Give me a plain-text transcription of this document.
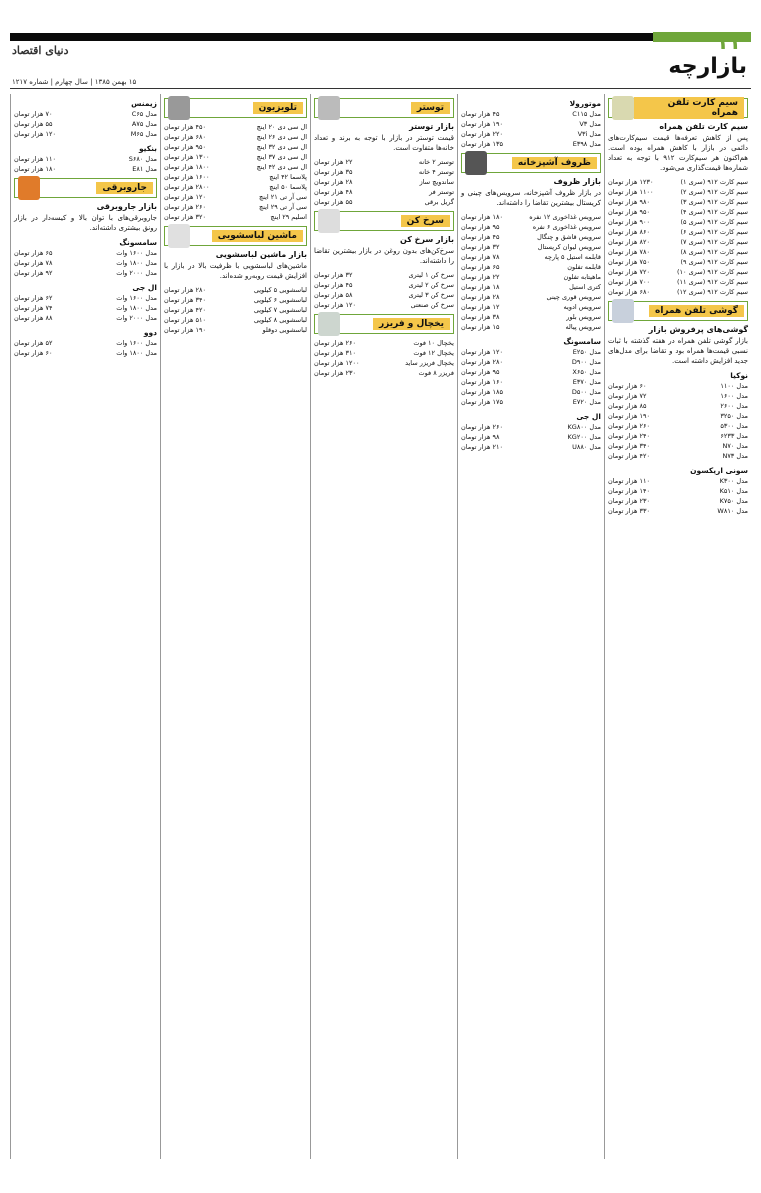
۲۴
دنیای اقتصاد
بازارچه
۱۵ بهمن ۱۳۸۵ | سال چهارم | شماره ۱۲۱۷
سیم کارت تلفن همراه
سیم کارت تلفن همراه
پس از کاهش تعرفه‌ها قیمت سیم‌کارت‌های دائمی در بازار با کاهش همراه بوده است. هم‌اکنون هر سیم‌کارت ۹۱۲ با توجه به تعداد شماره‌ها قیمت‌گذاری می‌شود.
سیم کارت ۹۱۲ (سری ۱)
۱۲۳۰ هزار تومان
سیم کارت ۹۱۲ (سری ۲)
۱۱۰۰ هزار تومان
سیم کارت ۹۱۲ (سری ۳)
۹۸۰ هزار تومان
سیم کارت ۹۱۲ (سری ۴)
۹۵۰ هزار تومان
سیم کارت ۹۱۲ (سری ۵)
۹۰۰ هزار تومان
سیم کارت ۹۱۲ (سری ۶)
۸۶۰ هزار تومان
سیم کارت ۹۱۲ (سری ۷)
۸۲۰ هزار تومان
سیم کارت ۹۱۲ (سری ۸)
۷۸۰ هزار تومان
سیم کارت ۹۱۲ (سری ۹)
۷۵۰ هزار تومان
سیم کارت ۹۱۲ (سری ۱۰)
۷۲۰ هزار تومان
سیم کارت ۹۱۲ (سری ۱۱)
۷۰۰ هزار تومان
سیم کارت ۹۱۲ (سری ۱۲)
۶۸۰ هزار تومان
گوشی تلفن همراه
گوشی‌های پرفروش بازار
بازار گوشی تلفن همراه در هفته گذشته با ثبات نسبی قیمت‌ها همراه بود و تقاضا برای مدل‌های جدید افزایش داشته است.
نوکیا
مدل ۱۱۰۰
۶۰ هزار تومان
مدل ۱۶۰۰
۷۲ هزار تومان
مدل ۲۶۰۰
۸۵ هزار تومان
مدل ۳۲۵۰
۱۹۰ هزار تومان
مدل ۵۳۰۰
۲۶۰ هزار تومان
مدل ۶۲۳۳
۲۴۰ هزار تومان
مدل N۷۰
۳۴۰ هزار تومان
مدل N۷۳
۴۲۰ هزار تومان
سونی اریکسون
مدل K۳۰۰
۱۱۰ هزار تومان
مدل K۵۱۰
۱۴۰ هزار تومان
مدل K۷۵۰
۲۳۰ هزار تومان
مدل W۸۱۰
۳۳۰ هزار تومان
موتورولا
مدل C۱۱۵
۴۵ هزار تومان
مدل V۳
۱۹۰ هزار تومان
مدل V۳i
۲۲۰ هزار تومان
مدل E۳۹۸
۱۳۵ هزار تومان
ظروف آشپزخانه
بازار ظروف
در بازار ظروف آشپزخانه، سرویس‌های چینی و کریستال بیشترین تقاضا را داشته‌اند.
سرویس غذاخوری ۱۲ نفره
۱۸۰ هزار تومان
سرویس غذاخوری ۶ نفره
۹۵ هزار تومان
سرویس قاشق و چنگال
۴۵ هزار تومان
سرویس لیوان کریستال
۳۲ هزار تومان
قابلمه استیل ۵ پارچه
۷۸ هزار تومان
قابلمه تفلون
۶۵ هزار تومان
ماهیتابه تفلون
۲۲ هزار تومان
کتری استیل
۱۸ هزار تومان
سرویس قوری چینی
۲۸ هزار تومان
سرویس ادویه
۱۲ هزار تومان
سرویس بلور
۳۸ هزار تومان
سرویس پیاله
۱۵ هزار تومان
سامسونگ
مدل E۲۵۰
۱۲۰ هزار تومان
مدل D۹۰۰
۲۸۰ هزار تومان
مدل X۶۵۰
۹۵ هزار تومان
مدل E۳۷۰
۱۶۰ هزار تومان
مدل D۵۰۰
۱۸۵ هزار تومان
مدل E۷۲۰
۱۷۵ هزار تومان
ال جی
مدل KG۸۰۰
۲۶۰ هزار تومان
مدل KG۲۰۰
۹۸ هزار تومان
مدل U۸۸۰
۲۱۰ هزار تومان
توستر
بازار توستر
قیمت توستر در بازار با توجه به برند و تعداد خانه‌ها متفاوت است.
توستر ۲ خانه
۲۲ هزار تومان
توستر ۴ خانه
۳۵ هزار تومان
ساندویچ ساز
۲۸ هزار تومان
توستر فر
۴۸ هزار تومان
گریل برقی
۵۵ هزار تومان
سرخ کن
بازار سرخ کن
سرخ‌کن‌های بدون روغن در بازار بیشترین تقاضا را داشته‌اند.
سرخ کن ۱ لیتری
۳۲ هزار تومان
سرخ کن ۲ لیتری
۴۵ هزار تومان
سرخ کن ۳ لیتری
۵۸ هزار تومان
سرخ کن صنعتی
۱۲۰ هزار تومان
یخچال و فریزر
یخچال ۱۰ فوت
۲۶۰ هزار تومان
یخچال ۱۲ فوت
۳۱۰ هزار تومان
یخچال فریزر ساید
۱۲۰۰ هزار تومان
فریزر ۸ فوت
۲۳۰ هزار تومان
تلویزیون
ال سی دی ۲۰ اینچ
۴۵۰ هزار تومان
ال سی دی ۲۶ اینچ
۶۸۰ هزار تومان
ال سی دی ۳۲ اینچ
۹۵۰ هزار تومان
ال سی دی ۳۷ اینچ
۱۳۰۰ هزار تومان
ال سی دی ۴۲ اینچ
۱۸۰۰ هزار تومان
پلاسما ۴۲ اینچ
۱۶۰۰ هزار تومان
پلاسما ۵۰ اینچ
۲۸۰۰ هزار تومان
سی آر تی ۲۱ اینچ
۱۲۰ هزار تومان
سی آر تی ۲۹ اینچ
۲۶۰ هزار تومان
اسلیم ۲۹ اینچ
۳۲۰ هزار تومان
ماشین لباسشویی
بازار ماشین لباسشویی
ماشین‌های لباسشویی با ظرفیت بالا در بازار با افزایش قیمت روبه‌رو شده‌اند.
لباسشویی ۵ کیلویی
۲۸۰ هزار تومان
لباسشویی ۶ کیلویی
۳۴۰ هزار تومان
لباسشویی ۷ کیلویی
۴۲۰ هزار تومان
لباسشویی ۸ کیلویی
۵۱۰ هزار تومان
لباسشویی دوقلو
۱۹۰ هزار تومان
زیمنس
مدل C۶۵
۷۰ هزار تومان
مدل A۷۵
۵۵ هزار تومان
مدل M۶۵
۱۲۰ هزار تومان
بنکیو
مدل S۶۸۰
۱۱۰ هزار تومان
مدل E۸۱
۱۸۰ هزار تومان
جاروبرقی
بازار جاروبرقی
جاروبرقی‌های با توان بالا و کیسه‌دار در بازار رونق بیشتری داشته‌اند.
سامسونگ
مدل ۱۶۰۰ وات
۶۵ هزار تومان
مدل ۱۸۰۰ وات
۷۸ هزار تومان
مدل ۲۰۰۰ وات
۹۲ هزار تومان
ال جی
مدل ۱۶۰۰ وات
۶۲ هزار تومان
مدل ۱۸۰۰ وات
۷۴ هزار تومان
مدل ۲۰۰۰ وات
۸۸ هزار تومان
دوو
مدل ۱۶۰۰ وات
۵۲ هزار تومان
مدل ۱۸۰۰ وات
۶۰ هزار تومان
